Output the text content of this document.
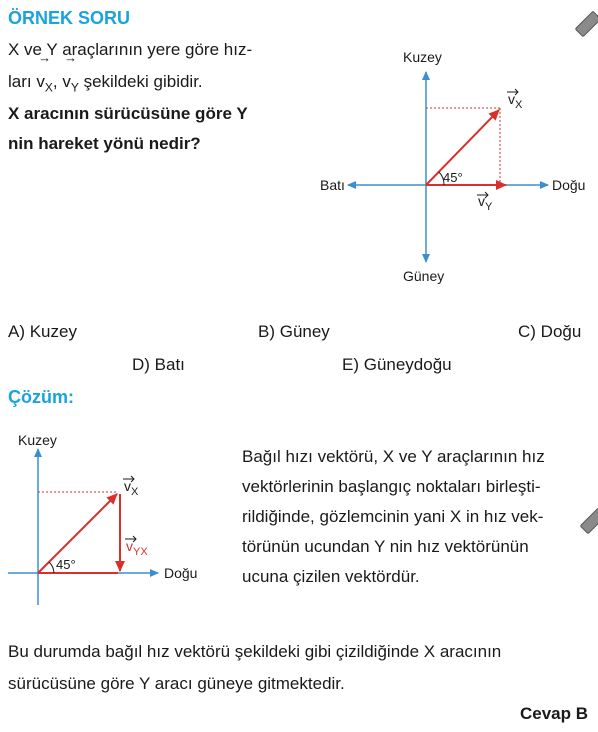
ÖRNEK SORU
X ve Y araçlarının yere göre hız-
ları → $v_X$, → $v_Y$ şekildeki gibidir.
X aracının sürücüsüne göre Y
nin hareket yönü nedir?
Kuzey
Güney
Batı	Doğu
45°
$v_X$
$v_Y$
A) Kuzey	B) Güney	C) Doğu
D) Batı	E) Güneydoğu
Çözüm:
Kuzey
Doğu
45°
$v_X$
$v_{YX}$
Bağıl hızı vektörü, X ve Y araçlarının hız
vektörlerinin başlangıç noktaları birleşti-
rildiğinde, gözlemcinin yani X in hız vek-
törünün ucundan Y nin hız vektörünün
ucuna çizilen vektördür.
Bu durumda bağıl hız vektörü şekildeki gibi çizildiğinde X aracının
sürücüsüne göre Y aracı güneye gitmektedir.
Cevap B
